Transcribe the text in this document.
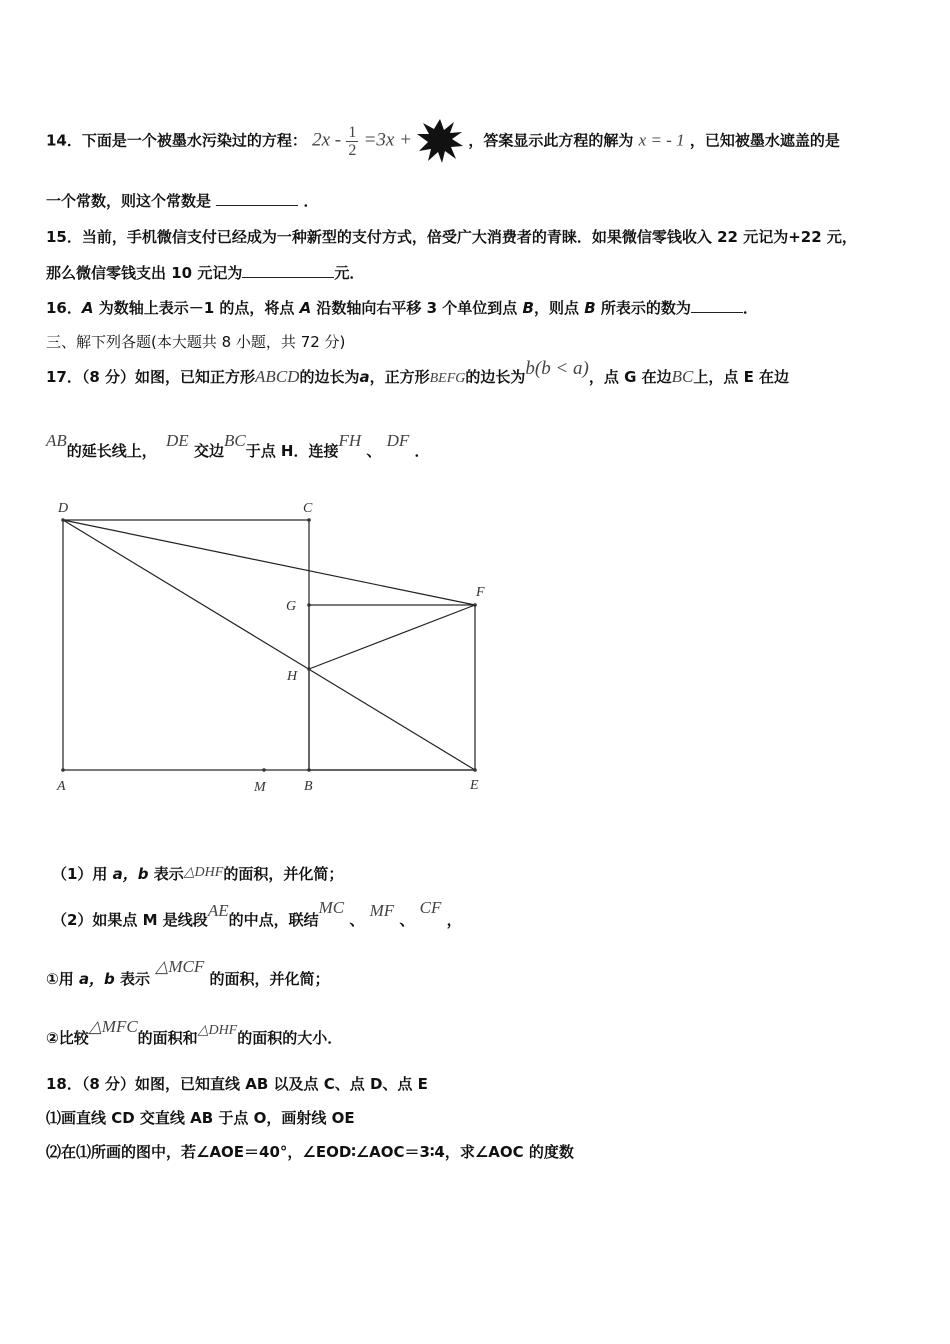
14．下面是一个被墨水污染过的方程： $2x - \frac{1}{2} =3x$ +	，答案显示此方程的解为 x = - 1 ，已知被墨水遮盖的是
一个常数，则这个常数是	．
15．当前，手机微信支付已经成为一种新型的支付方式，倍受广大消费者的青睐．如果微信零钱收入 22 元记为+22 元，
那么微信零钱支出 10 元记为	元．
16．A 为数轴上表示－1 的点，将点 A 沿数轴向右平移 3 个单位到点 B，则点 B 所表示的数为	．
三、解下列各题(本大题共 8 小题，共 72 分)
17．（8 分）如图，已知正方形ABCD的边长为a，正方形BEFG的边长为b(b < a)，点 G 在边BC上，点 E 在边
AB的延长线上， DE 交边BC于点 H．连接FH 、 DF ．
D	C
G
F
H
A	M	B	E
（1）用 a，b 表示△DHF的面积，并化简；
（2）如果点 M 是线段AE的中点，联结MC 、 MF 、 CF ，
①用 a，b 表示 △MCF 的面积，并化简；
②比较△MFC的面积和△DHF的面积的大小．
18．（8 分）如图，已知直线 AB 以及点 C、点 D、点 E
⑴画直线 CD 交直线 AB 于点 O，画射线 OE
⑵在⑴所画的图中，若∠AOE＝40°，∠EOD∶∠AOC＝3∶4，求∠AOC 的度数
